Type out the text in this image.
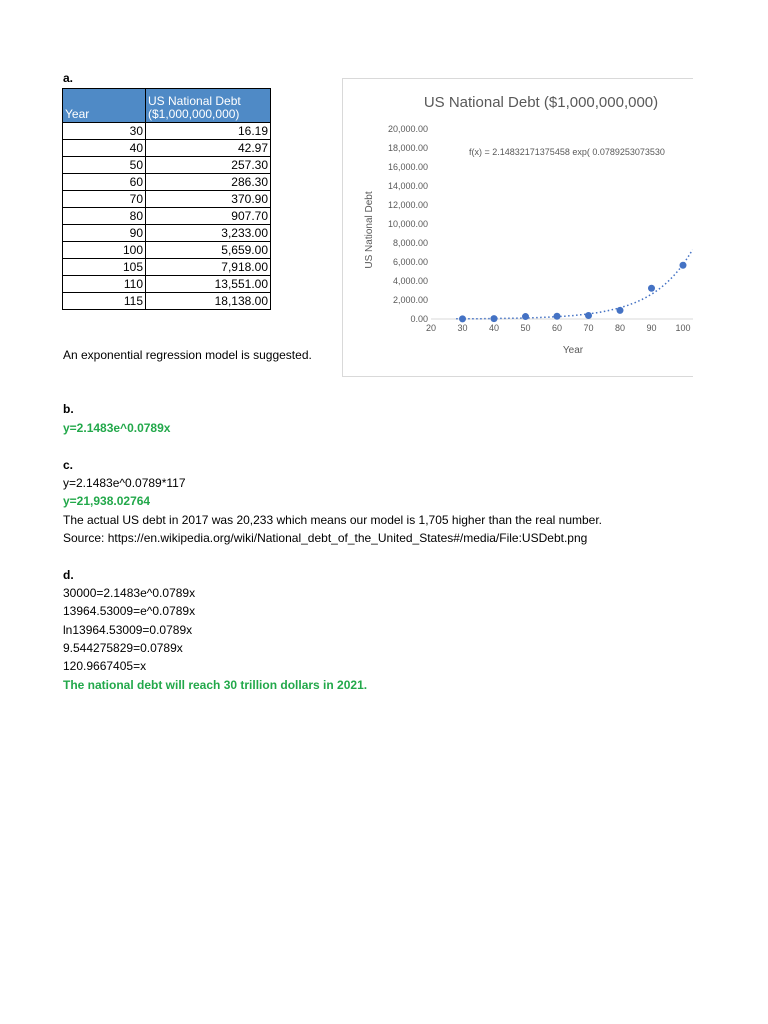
a.
Year	US National Debt ($1,000,000,000)
30	16.19
40	42.97
50	257.30
60	286.30
70	370.90
80	907.70
90	3,233.00
100	5,659.00
105	7,918.00
110	13,551.00
115	18,138.00
An exponential regression model is suggested.
US National Debt ($1,000,000,000)
f(x) = 2.14832171375458 exp( 0.0789253073530
Year
US National Debt
0.00
2,000.00
4,000.00
6,000.00
8,000.00
10,000.00
12,000.00
14,000.00
16,000.00
18,000.00
20,000.00
20 30 40 50 60 70 80 90 100
b.
y=2.1483e^0.0789x
c.
y=2.1483e^0.0789*117
y=21,938.02764
The actual US debt in 2017 was 20,233 which means our model is 1,705 higher than the real number.
Source: https://en.wikipedia.org/wiki/National_debt_of_the_United_States#/media/File:USDebt.png
d.
30000=2.1483e^0.0789x
13964.53009=e^0.0789x
ln13964.53009=0.0789x
9.544275829=0.0789x
120.9667405=x
The national debt will reach 30 trillion dollars in 2021.
